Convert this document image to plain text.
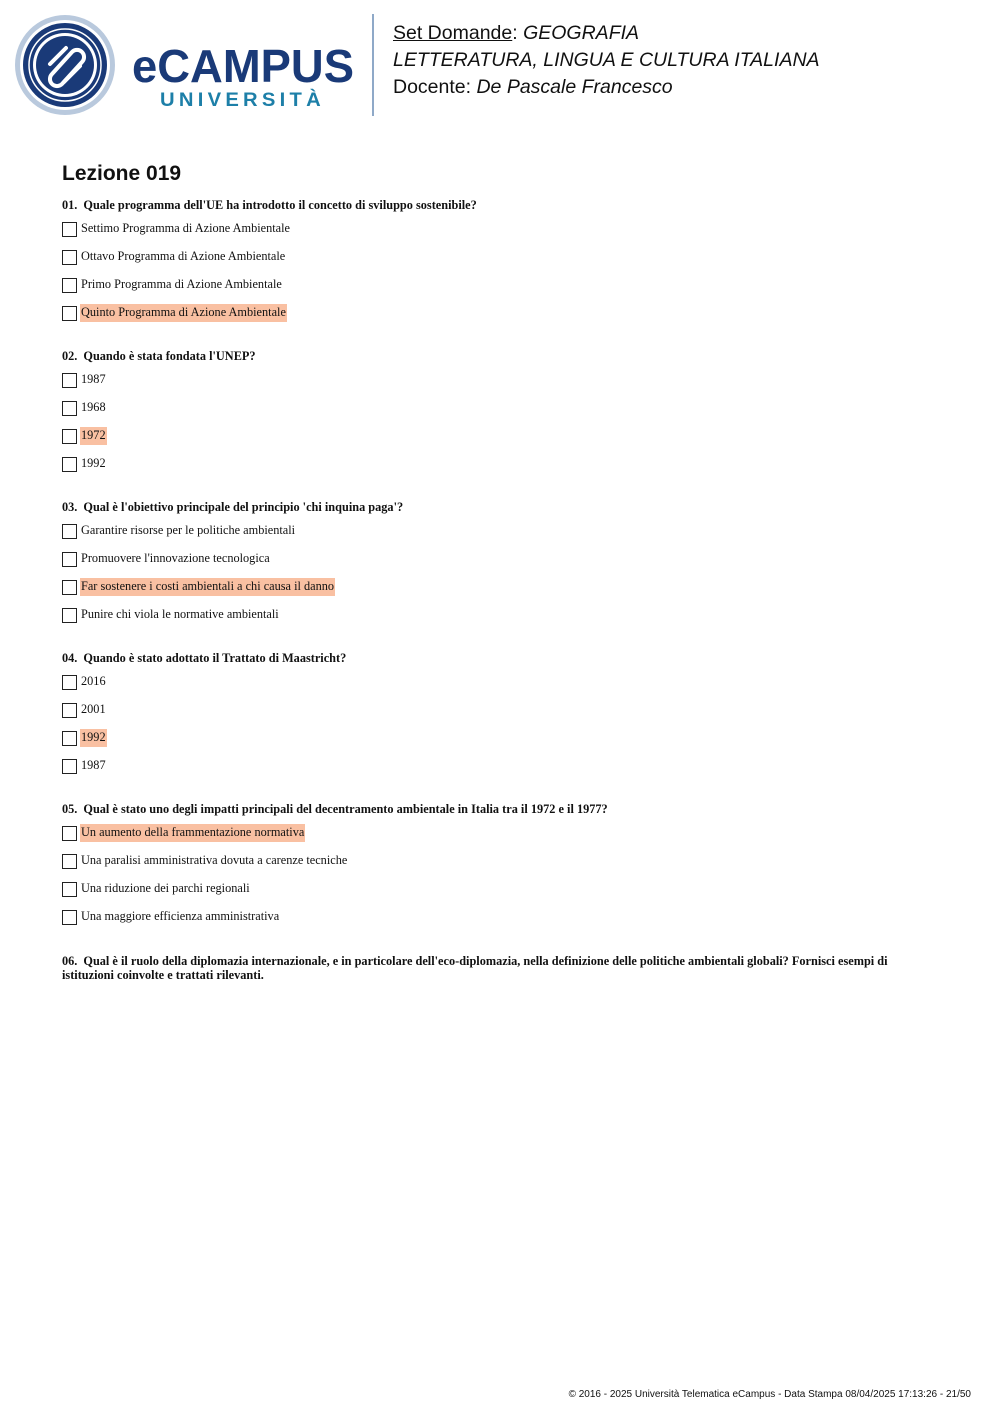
eCAMPUS
UNIVERSITÀ
Set Domande: GEOGRAFIA
LETTERATURA, LINGUA E CULTURA ITALIANA
Docente: De Pascale Francesco
Lezione 019
01. Quale programma dell'UE ha introdotto il concetto di sviluppo sostenibile?
Settimo Programma di Azione Ambientale
Ottavo Programma di Azione Ambientale
Primo Programma di Azione Ambientale
Quinto Programma di Azione Ambientale
02. Quando è stata fondata l'UNEP?
1987
1968
1972
1992
03. Qual è l'obiettivo principale del principio 'chi inquina paga'?
Garantire risorse per le politiche ambientali
Promuovere l'innovazione tecnologica
Far sostenere i costi ambientali a chi causa il danno
Punire chi viola le normative ambientali
04. Quando è stato adottato il Trattato di Maastricht?
2016
2001
1992
1987
05. Qual è stato uno degli impatti principali del decentramento ambientale in Italia tra il 1972 e il 1977?
Un aumento della frammentazione normativa
Una paralisi amministrativa dovuta a carenze tecniche
Una riduzione dei parchi regionali
Una maggiore efficienza amministrativa
06. Qual è il ruolo della diplomazia internazionale, e in particolare dell'eco-diplomazia, nella definizione delle politiche ambientali globali? Fornisci esempi di istituzioni coinvolte e trattati rilevanti.
© 2016 - 2025 Università Telematica eCampus - Data Stampa 08/04/2025 17:13:26 - 21/50
